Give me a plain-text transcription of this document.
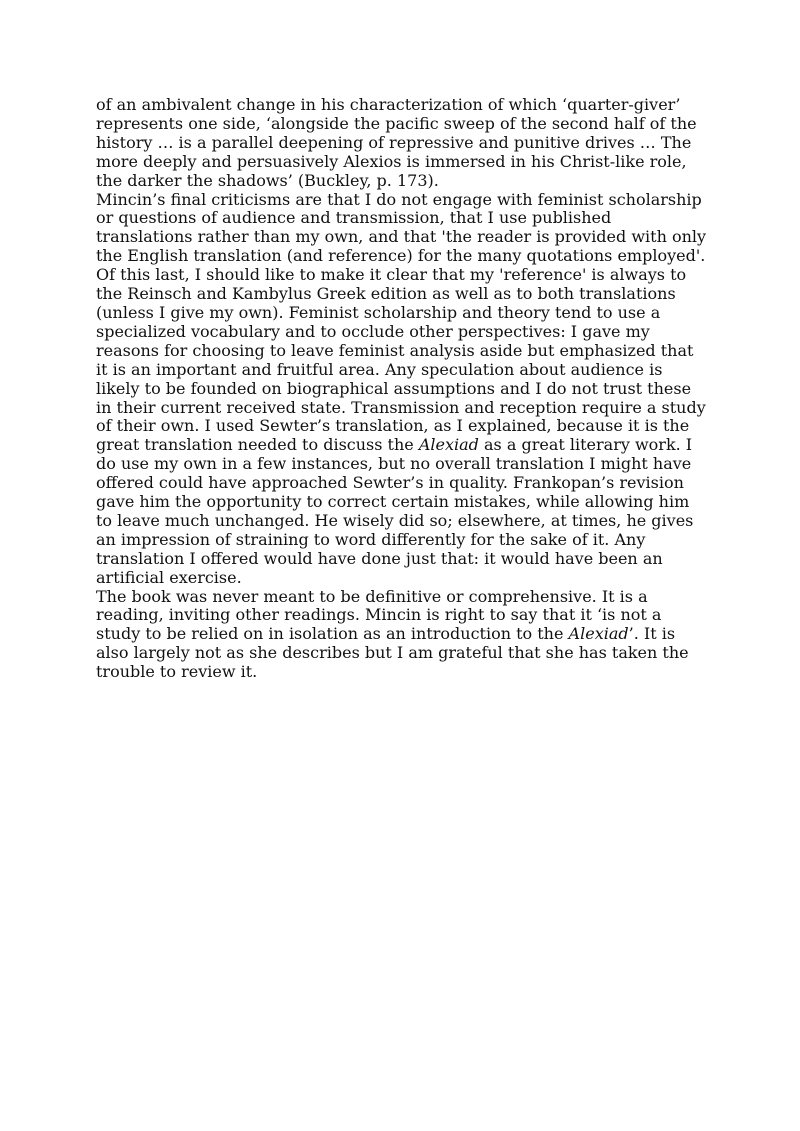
of an ambivalent change in his characterization of which ‘quarter-giver’ represents one side, ‘alongside the pacific sweep of the second half of the history … is a parallel deepening of repressive and punitive drives … The more deeply and persuasively Alexios is immersed in his Christ-like role, the darker the shadows’ (Buckley, p. 173).

Mincin’s final criticisms are that I do not engage with feminist scholarship or questions of audience and transmission, that I use published translations rather than my own, and that 'the reader is provided with only the English translation (and reference) for the many quotations employed'. Of this last, I should like to make it clear that my 'reference' is always to the Reinsch and Kambylus Greek edition as well as to both translations (unless I give my own). Feminist scholarship and theory tend to use a specialized vocabulary and to occlude other perspectives: I gave my reasons for choosing to leave feminist analysis aside but emphasized that it is an important and fruitful area. Any speculation about audience is likely to be founded on biographical assumptions and I do not trust these in their current received state. Transmission and reception require a study of their own. I used Sewter’s translation, as I explained, because it is the great translation needed to discuss the Alexiad as a great literary work. I do use my own in a few instances, but no overall translation I might have offered could have approached Sewter’s in quality. Frankopan’s revision gave him the opportunity to correct certain mistakes, while allowing him to leave much unchanged. He wisely did so; elsewhere, at times, he gives an impression of straining to word differently for the sake of it. Any translation I offered would have done just that: it would have been an artificial exercise.

The book was never meant to be definitive or comprehensive. It is a reading, inviting other readings. Mincin is right to say that it ‘is not a study to be relied on in isolation as an introduction to the Alexiad’. It is also largely not as she describes but I am grateful that she has taken the trouble to review it.
